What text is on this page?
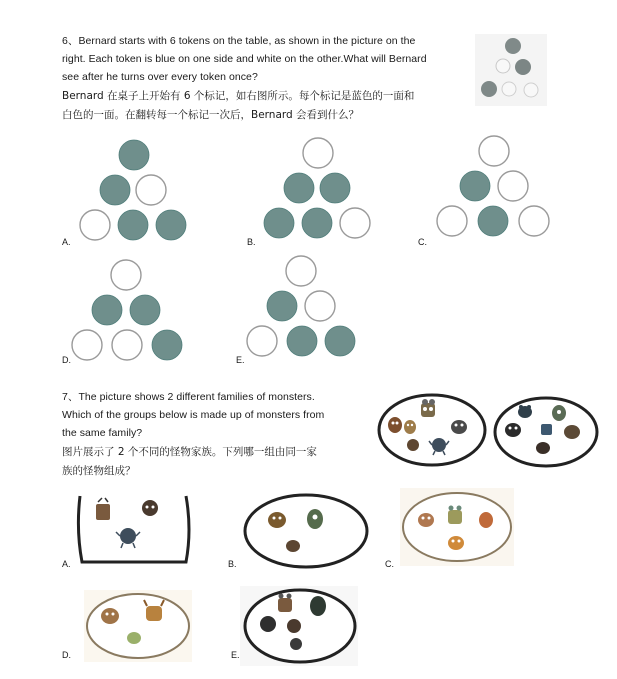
6、Bernard starts with 6 tokens on the table, as shown in the picture on the

right. Each token is blue on one side and white on the other.What will Bernard

see after he turns over every token once?

Bernard 在桌子上开始有 6 个标记，如右图所示。每个标记是蓝色的一面和

白色的一面。在翻转每一个标记一次后，Bernard 会看到什么？

A.	B.	C.
D.	E.

7、The picture shows 2 different families of monsters.

Which of the groups below is made up of monsters from

the same family?

图片展示了 2 个不同的怪物家族。下列哪一组由同一家

族的怪物组成？

A.	B.	C.
D.	E.
